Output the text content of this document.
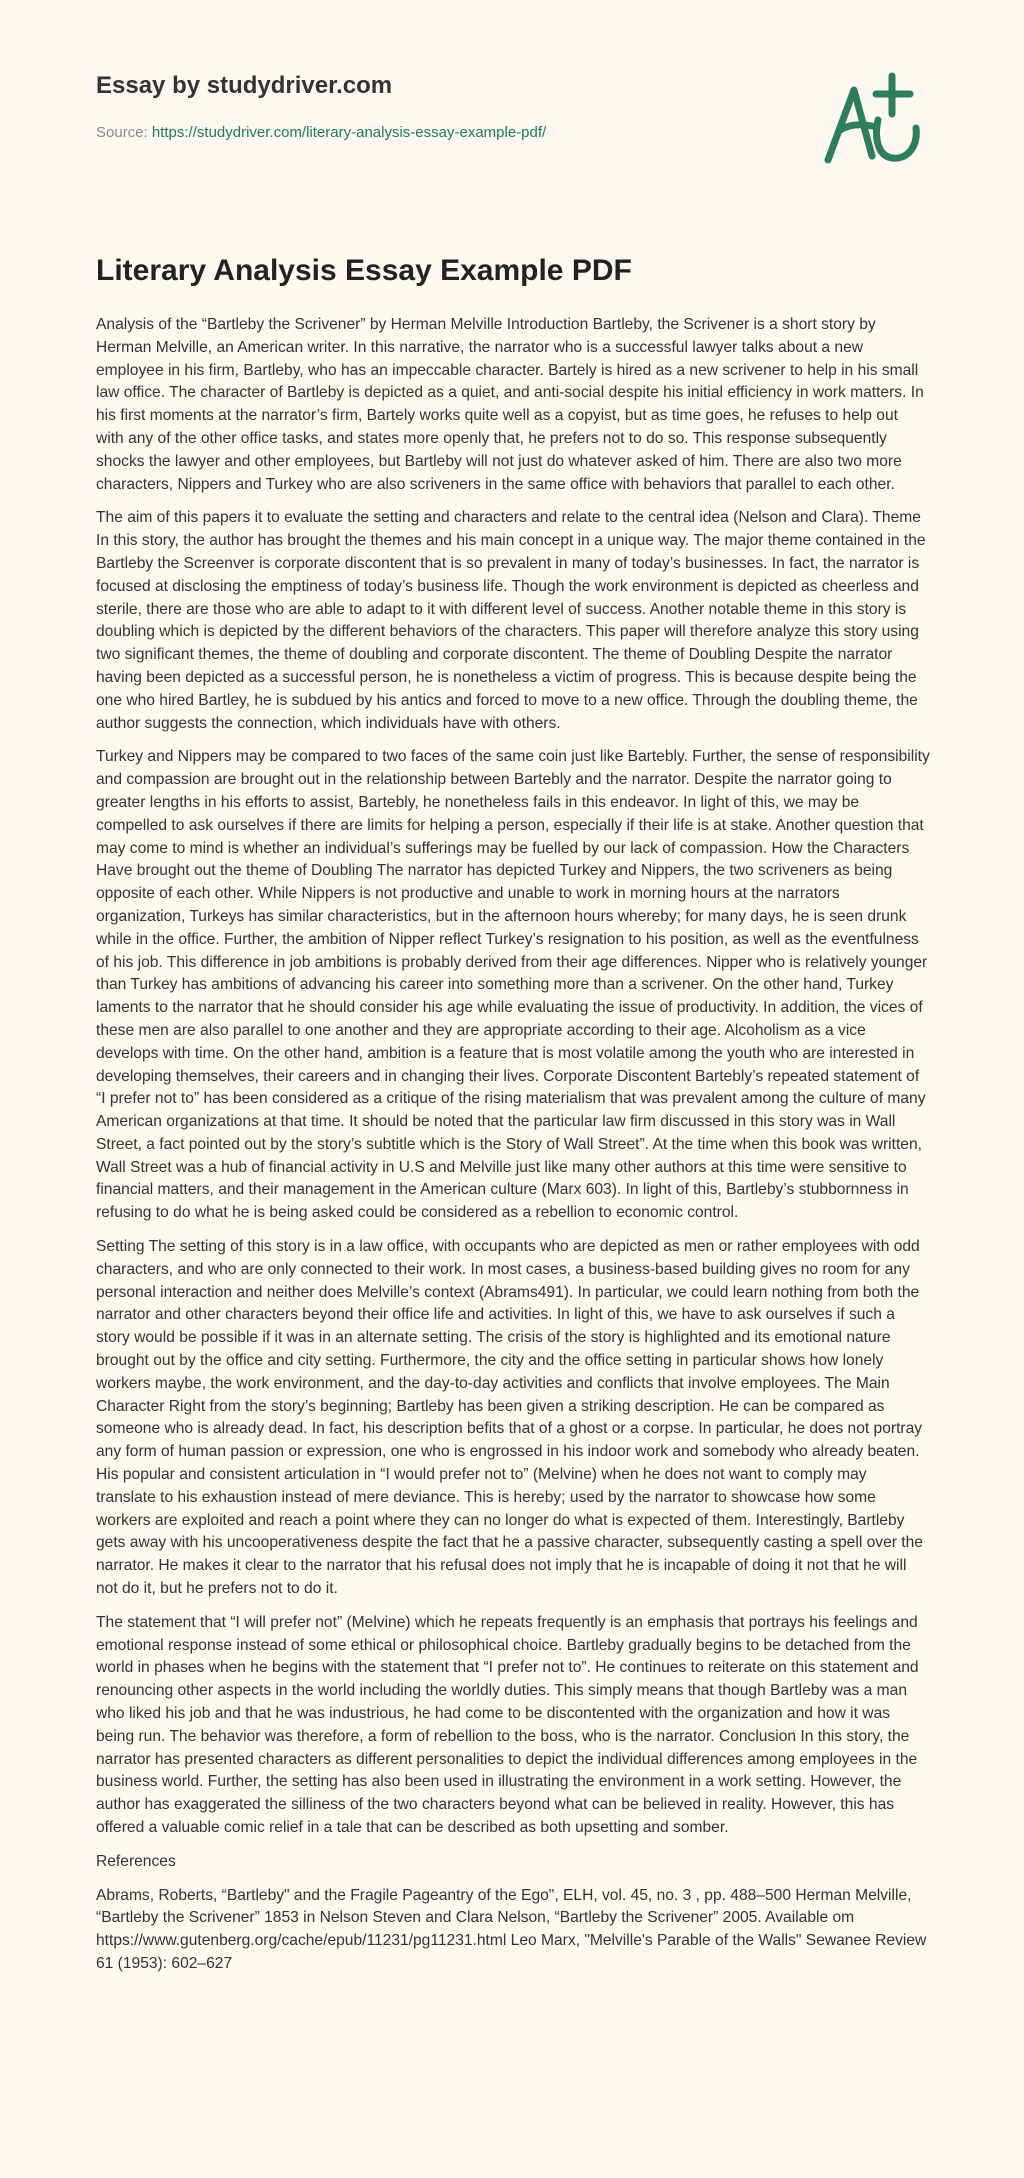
Essay by studydriver.com
Source: https://studydriver.com/literary-analysis-essay-example-pdf/
Literary Analysis Essay Example PDF

Analysis of the “Bartleby the Scrivener” by Herman Melville Introduction Bartleby, the Scrivener is a short story by Herman Melville, an American writer. In this narrative, the narrator who is a successful lawyer talks about a new employee in his firm, Bartleby, who has an impeccable character. Bartely is hired as a new scrivener to help in his small law office. The character of Bartleby is depicted as a quiet, and anti-social despite his initial efficiency in work matters. In his first moments at the narrator’s firm, Bartely works quite well as a copyist, but as time goes, he refuses to help out with any of the other office tasks, and states more openly that, he prefers not to do so. This response subsequently shocks the lawyer and other employees, but Bartleby will not just do whatever asked of him. There are also two more characters, Nippers and Turkey who are also scriveners in the same office with behaviors that parallel to each other.

The aim of this papers it to evaluate the setting and characters and relate to the central idea (Nelson and Clara). Theme In this story, the author has brought the themes and his main concept in a unique way. The major theme contained in the Bartleby the Screenver is corporate discontent that is so prevalent in many of today’s businesses. In fact, the narrator is focused at disclosing the emptiness of today’s business life. Though the work environment is depicted as cheerless and sterile, there are those who are able to adapt to it with different level of success. Another notable theme in this story is doubling which is depicted by the different behaviors of the characters. This paper will therefore analyze this story using two significant themes, the theme of doubling and corporate discontent. The theme of Doubling Despite the narrator having been depicted as a successful person, he is nonetheless a victim of progress. This is because despite being the one who hired Bartley, he is subdued by his antics and forced to move to a new office. Through the doubling theme, the author suggests the connection, which individuals have with others.

Turkey and Nippers may be compared to two faces of the same coin just like Bartebly. Further, the sense of responsibility and compassion are brought out in the relationship between Bartebly and the narrator. Despite the narrator going to greater lengths in his efforts to assist, Bartebly, he nonetheless fails in this endeavor. In light of this, we may be compelled to ask ourselves if there are limits for helping a person, especially if their life is at stake. Another question that may come to mind is whether an individual’s sufferings may be fuelled by our lack of compassion. How the Characters Have brought out the theme of Doubling The narrator has depicted Turkey and Nippers, the two scriveners as being opposite of each other. While Nippers is not productive and unable to work in morning hours at the narrators organization, Turkeys has similar characteristics, but in the afternoon hours whereby; for many days, he is seen drunk while in the office. Further, the ambition of Nipper reflect Turkey’s resignation to his position, as well as the eventfulness of his job. This difference in job ambitions is probably derived from their age differences. Nipper who is relatively younger than Turkey has ambitions of advancing his career into something more than a scrivener. On the other hand, Turkey laments to the narrator that he should consider his age while evaluating the issue of productivity. In addition, the vices of these men are also parallel to one another and they are appropriate according to their age. Alcoholism as a vice develops with time. On the other hand, ambition is a feature that is most volatile among the youth who are interested in developing themselves, their careers and in changing their lives. Corporate Discontent Bartebly’s repeated statement of “I prefer not to” has been considered as a critique of the rising materialism that was prevalent among the culture of many American organizations at that time. It should be noted that the particular law firm discussed in this story was in Wall Street, a fact pointed out by the story’s subtitle which is the Story of Wall Street”. At the time when this book was written, Wall Street was a hub of financial activity in U.S and Melville just like many other authors at this time were sensitive to financial matters, and their management in the American culture (Marx 603). In light of this, Bartleby’s stubbornness in refusing to do what he is being asked could be considered as a rebellion to economic control.

Setting The setting of this story is in a law office, with occupants who are depicted as men or rather employees with odd characters, and who are only connected to their work. In most cases, a business-based building gives no room for any personal interaction and neither does Melville’s context (Abrams491). In particular, we could learn nothing from both the narrator and other characters beyond their office life and activities. In light of this, we have to ask ourselves if such a story would be possible if it was in an alternate setting. The crisis of the story is highlighted and its emotional nature brought out by the office and city setting. Furthermore, the city and the office setting in particular shows how lonely workers maybe, the work environment, and the day-to-day activities and conflicts that involve employees. The Main Character Right from the story’s beginning; Bartleby has been given a striking description. He can be compared as someone who is already dead. In fact, his description befits that of a ghost or a corpse. In particular, he does not portray any form of human passion or expression, one who is engrossed in his indoor work and somebody who already beaten. His popular and consistent articulation in “I would prefer not to” (Melvine) when he does not want to comply may translate to his exhaustion instead of mere deviance. This is hereby; used by the narrator to showcase how some workers are exploited and reach a point where they can no longer do what is expected of them. Interestingly, Bartleby gets away with his uncooperativeness despite the fact that he a passive character, subsequently casting a spell over the narrator. He makes it clear to the narrator that his refusal does not imply that he is incapable of doing it not that he will not do it, but he prefers not to do it.

The statement that “I will prefer not” (Melvine) which he repeats frequently is an emphasis that portrays his feelings and emotional response instead of some ethical or philosophical choice. Bartleby gradually begins to be detached from the world in phases when he begins with the statement that “I prefer not to”. He continues to reiterate on this statement and renouncing other aspects in the world including the worldly duties. This simply means that though Bartleby was a man who liked his job and that he was industrious, he had come to be discontented with the organization and how it was being run. The behavior was therefore, a form of rebellion to the boss, who is the narrator. Conclusion In this story, the narrator has presented characters as different personalities to depict the individual differences among employees in the business world. Further, the setting has also been used in illustrating the environment in a work setting. However, the author has exaggerated the silliness of the two characters beyond what can be believed in reality. However, this has offered a valuable comic relief in a tale that can be described as both upsetting and somber.

References

Abrams, Roberts, “Bartleby" and the Fragile Pageantry of the Ego", ELH, vol. 45, no. 3 , pp. 488–500 Herman Melville, “Bartleby the Scrivener” 1853 in Nelson Steven and Clara Nelson, “Bartleby the Scrivener” 2005. Available om https://www.gutenberg.org/cache/epub/11231/pg11231.html Leo Marx, "Melville's Parable of the Walls" Sewanee Review 61 (1953): 602–627
